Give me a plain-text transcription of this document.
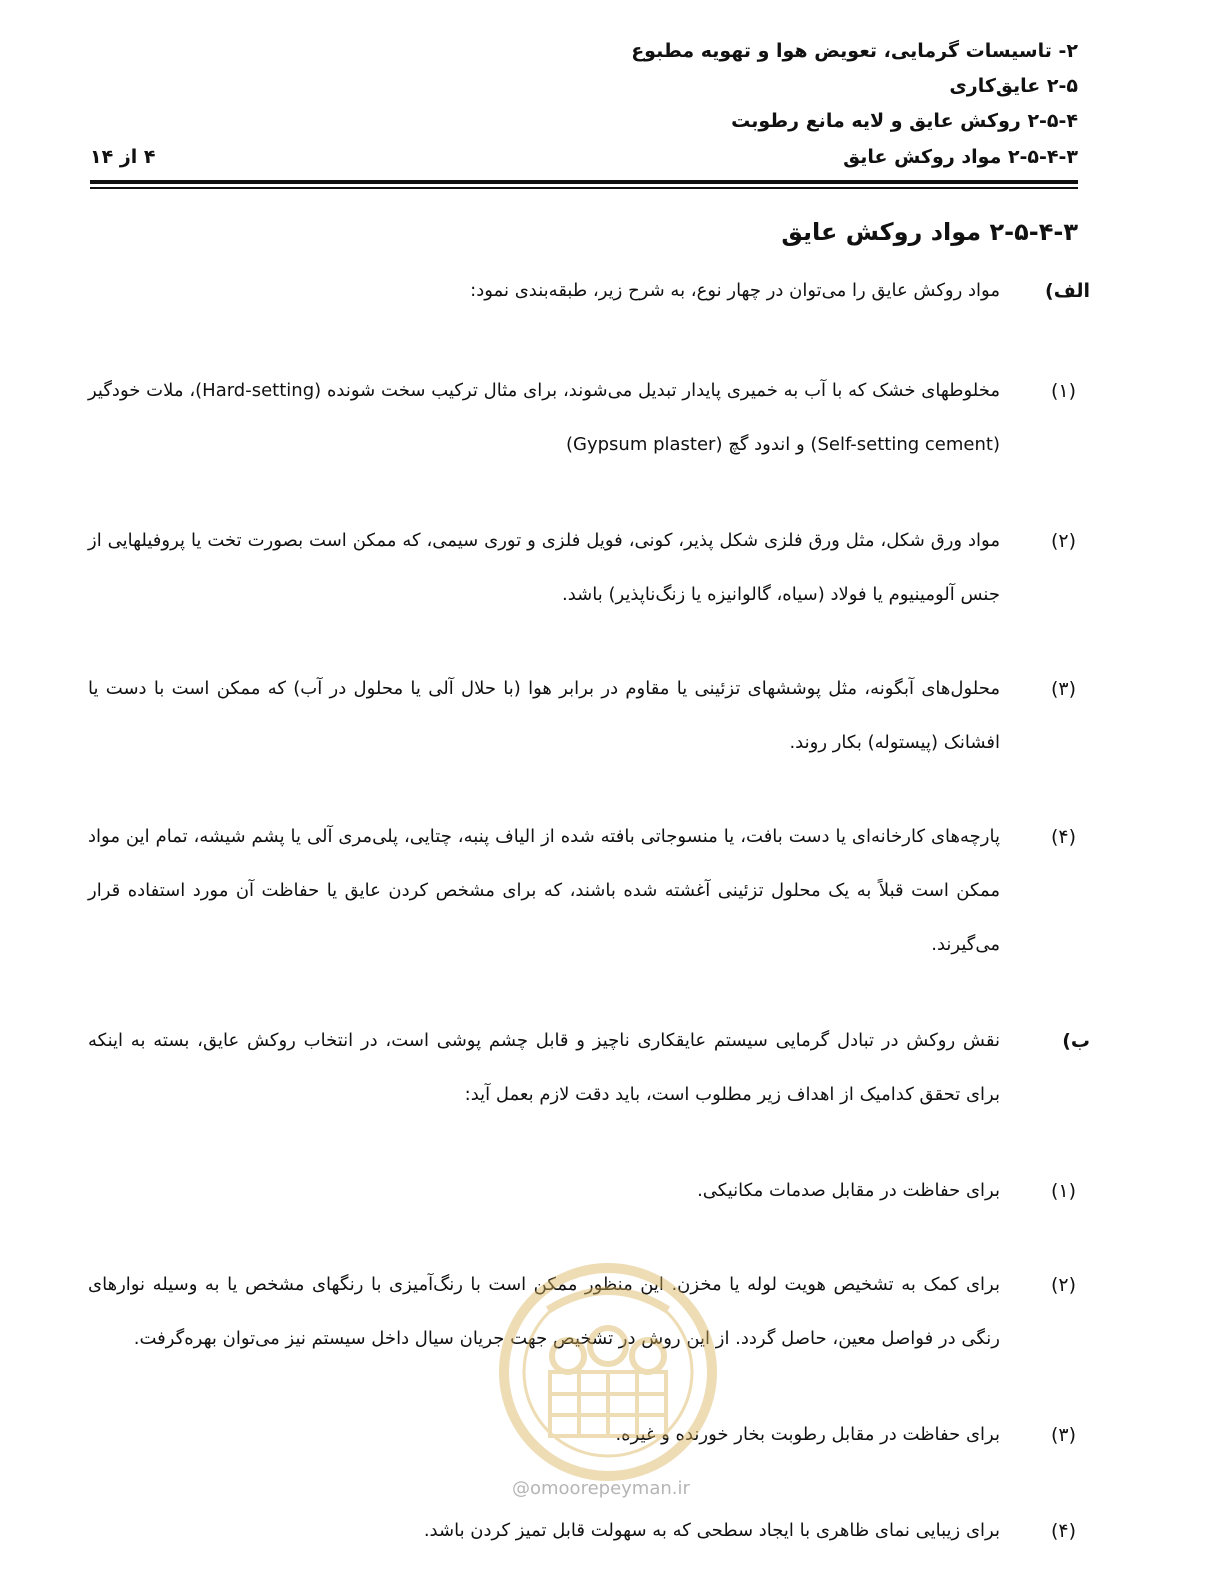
۲- تاسیسات گرمایی، تعویض هوا و تهویه مطبوع
۲-۵ عایق‌کاری
۲-۵-۴ روکش عایق و لایه مانع رطوبت
۲-۵-۴-۳ مواد روکش عایق
۴ از ۱۴
۲-۵-۴-۳ مواد روکش عایق
الف)
مواد روکش عایق را می‌توان در چهار نوع، به شرح زیر، طبقه‌بندی نمود:
(۱)
مخلوطهای خشک که با آب به خمیری پایدار تبدیل می‌شوند، برای مثال ترکیب سخت شونده (Hard-setting)، ملات خودگیر (Self-setting cement) و اندود گچ (Gypsum plaster)
(۲)
مواد ورق شکل، مثل ورق فلزی شکل پذیر، کونی، فویل فلزی و توری سیمی، که ممکن است بصورت تخت یا پروفیلهایی از جنس آلومینیوم یا فولاد (سیاه، گالوانیزه یا زنگ‌ناپذیر) باشد.
(۳)
محلول‌های آبگونه، مثل پوششهای تزئینی یا مقاوم در برابر هوا (با حلال آلی یا محلول در آب) که ممکن است با دست یا افشانک (پیستوله) بکار روند.
(۴)
پارچه‌های کارخانه‌ای یا دست بافت، یا منسوجاتی بافته شده از الیاف پنبه، چتایی، پلی‌مری آلی یا پشم شیشه، تمام این مواد ممکن است قبلاً به یک محلول تزئینی آغشته شده باشند، که برای مشخص کردن عایق یا حفاظت آن مورد استفاده قرار می‌گیرند.
ب)
نقش روکش در تبادل گرمایی سیستم عایقکاری ناچیز و قابل چشم پوشی است، در انتخاب روکش عایق، بسته به اینکه برای تحقق کدامیک از اهداف زیر مطلوب است، باید دقت لازم بعمل آید:
(۱)
برای حفاظت در مقابل صدمات مکانیکی.
(۲)
برای کمک به تشخیص هویت لوله یا مخزن. این منظور ممکن است با رنگ‌آمیزی با رنگهای مشخص یا به وسیله نوارهای رنگی در فواصل معین، حاصل گردد. از این روش در تشخیص جهت جریان سیال داخل سیستم نیز می‌توان بهره‌گرفت.
(۳)
برای حفاظت در مقابل رطوبت بخار خورنده و غیره.
(۴)
برای زیبایی نمای ظاهری با ایجاد سطحی که به سهولت قابل تمیز کردن باشد.
@omoorepeyman.ir
